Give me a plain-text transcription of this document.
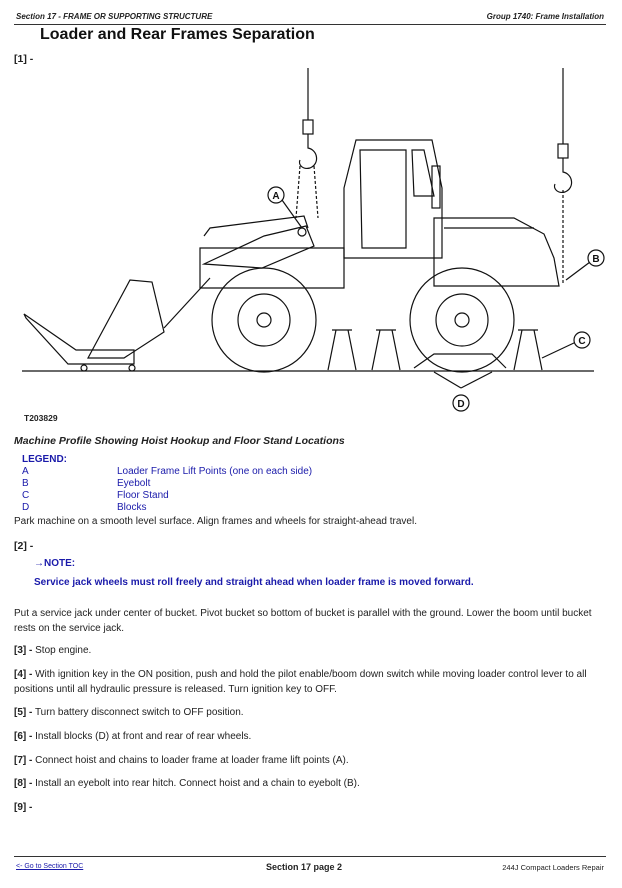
Section 17 - FRAME OR SUPPORTING STRUCTURE	Group 1740: Frame Installation
Loader and Rear Frames Separation
[1] -
A
B
C
D
T203829
Machine Profile Showing Hoist Hookup and Floor Stand Locations
LEGEND:
A	Loader Frame Lift Points (one on each side)
B	Eyebolt
C	Floor Stand
D	Blocks
Park machine on a smooth level surface. Align frames and wheels for straight-ahead travel.
[2] -
→NOTE:
Service jack wheels must roll freely and straight ahead when loader frame is moved forward.
Put a service jack under center of bucket. Pivot bucket so bottom of bucket is parallel with the ground. Lower the boom until bucket rests on the service jack.
[3] - Stop engine.
[4] - With ignition key in the ON position, push and hold the pilot enable/boom down switch while moving loader control lever to all positions until all hydraulic pressure is released. Turn ignition key to OFF.
[5] - Turn battery disconnect switch to OFF position.
[6] - Install blocks (D) at front and rear of rear wheels.
[7] - Connect hoist and chains to loader frame at loader frame lift points (A).
[8] - Install an eyebolt into rear hitch. Connect hoist and a chain to eyebolt (B).
[9] -
<- Go to Section TOC	Section 17 page 2	244J Compact Loaders Repair
